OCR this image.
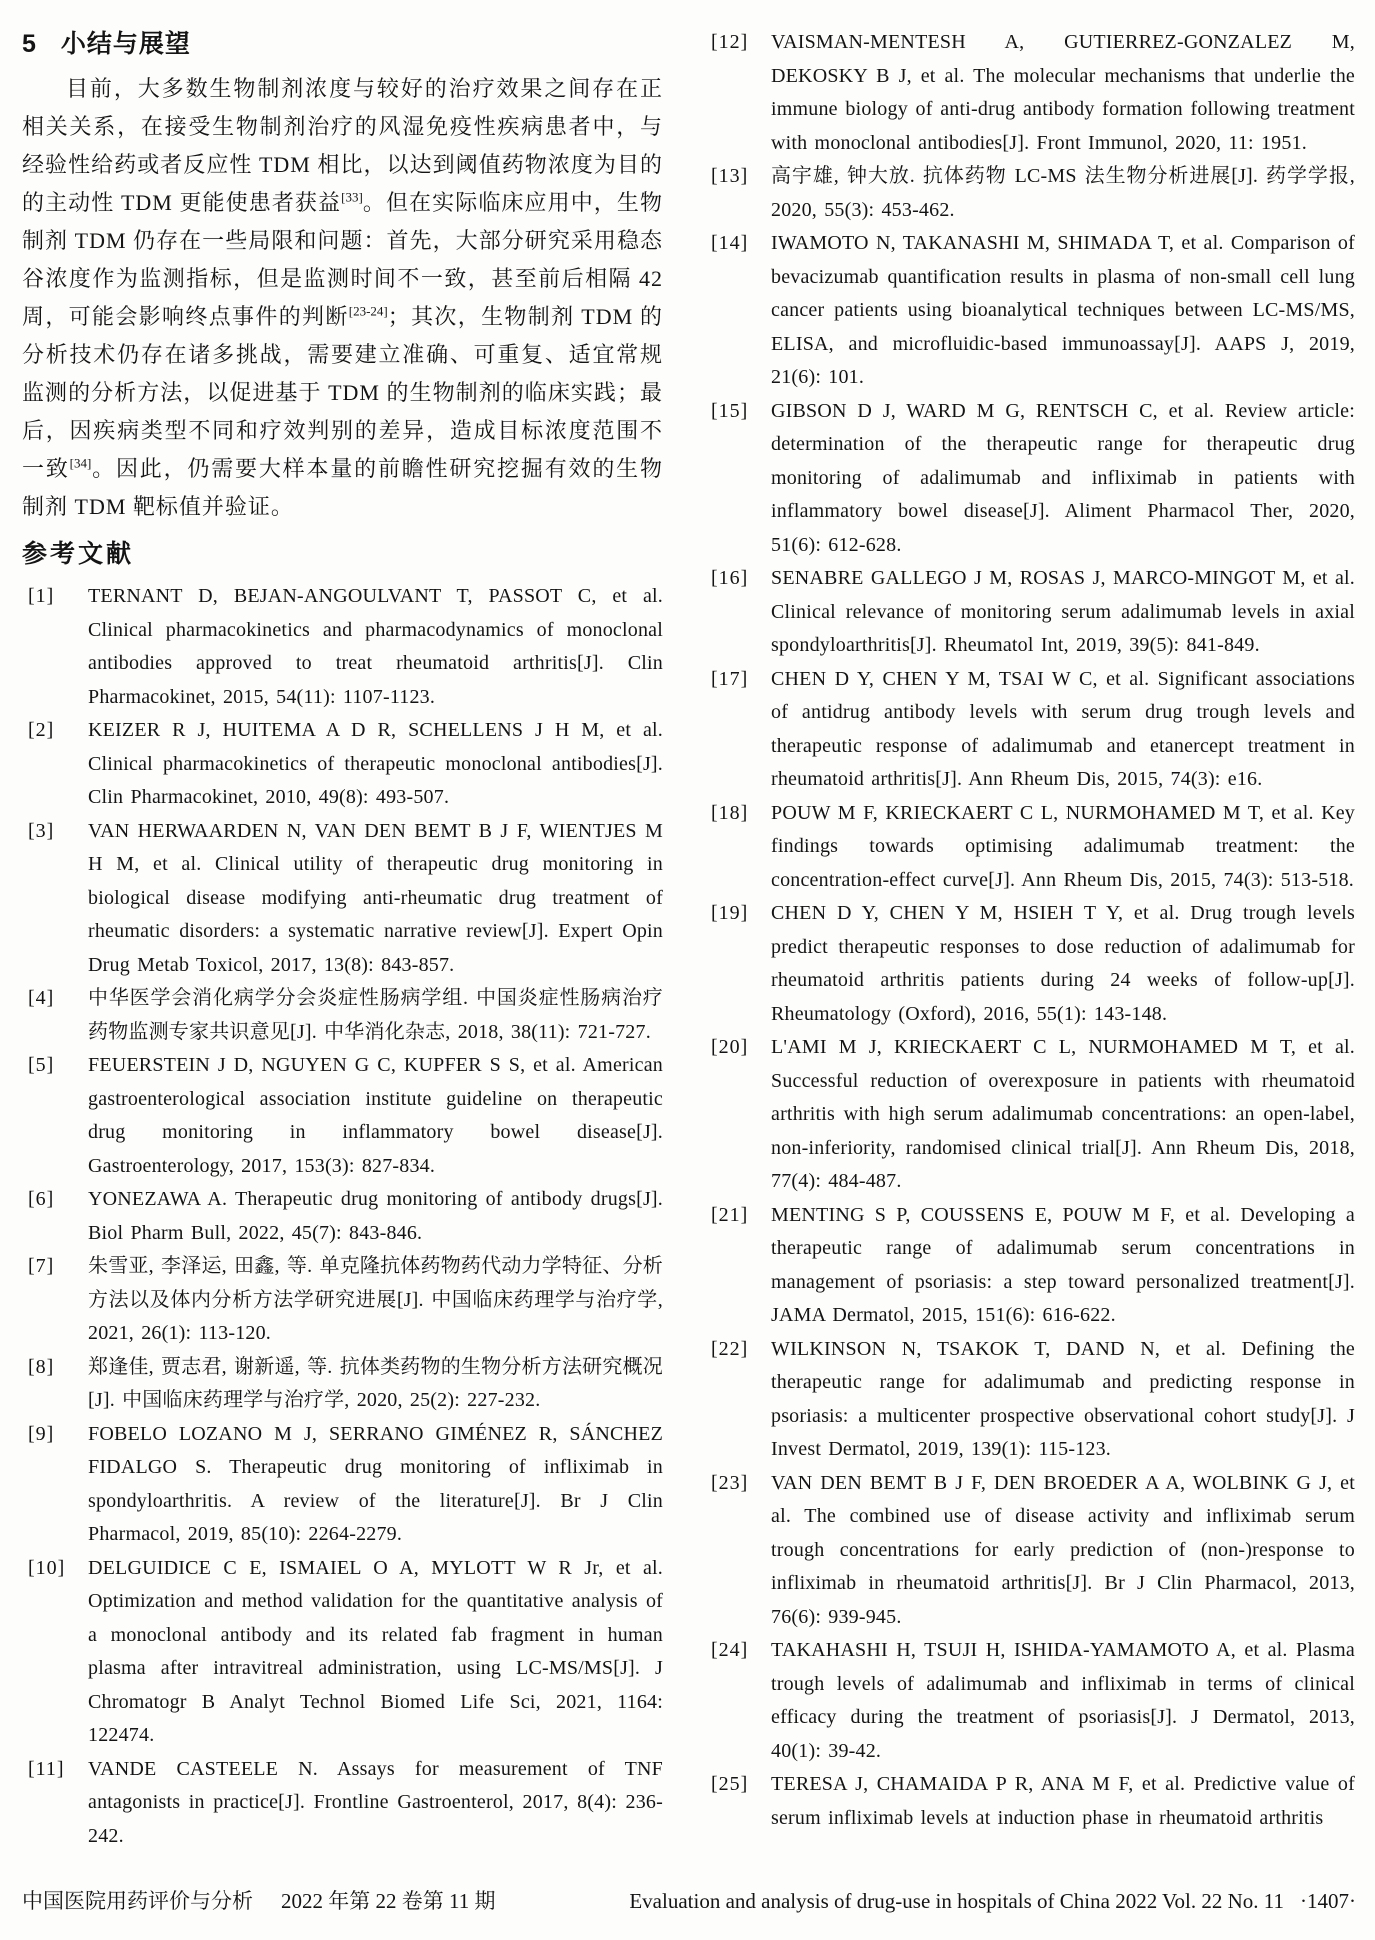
5 小结与展望

目前，大多数生物制剂浓度与较好的治疗效果之间存在正相关关系，在接受生物制剂治疗的风湿免疫性疾病患者中，与经验性给药或者反应性 TDM 相比，以达到阈值药物浓度为目的的主动性 TDM 更能使患者获益[33]。但在实际临床应用中，生物制剂 TDM 仍存在一些局限和问题：首先，大部分研究采用稳态谷浓度作为监测指标，但是监测时间不一致，甚至前后相隔 42 周，可能会影响终点事件的判断[23-24]；其次，生物制剂 TDM 的分析技术仍存在诸多挑战，需要建立准确、可重复、适宜常规监测的分析方法，以促进基于 TDM 的生物制剂的临床实践；最后，因疾病类型不同和疗效判别的差异，造成目标浓度范围不一致[34]。因此，仍需要大样本量的前瞻性研究挖掘有效的生物制剂 TDM 靶标值并验证。

参考文献
[1]	TERNANT D, BEJAN-ANGOULVANT T, PASSOT C, et al. Clinical pharmacokinetics and pharmacodynamics of monoclonal antibodies approved to treat rheumatoid arthritis[J]. Clin Pharmacokinet, 2015, 54(11): 1107-1123.
[2]	KEIZER R J, HUITEMA A D R, SCHELLENS J H M, et al. Clinical pharmacokinetics of therapeutic monoclonal antibodies[J]. Clin Pharmacokinet, 2010, 49(8): 493-507.
[3]	VAN HERWAARDEN N, VAN DEN BEMT B J F, WIENTJES M H M, et al. Clinical utility of therapeutic drug monitoring in biological disease modifying anti-rheumatic drug treatment of rheumatic disorders: a systematic narrative review[J]. Expert Opin Drug Metab Toxicol, 2017, 13(8): 843-857.
[4]	中华医学会消化病学分会炎症性肠病学组. 中国炎症性肠病治疗药物监测专家共识意见[J]. 中华消化杂志, 2018, 38(11): 721-727.
[5]	FEUERSTEIN J D, NGUYEN G C, KUPFER S S, et al. American gastroenterological association institute guideline on therapeutic drug monitoring in inflammatory bowel disease[J]. Gastroenterology, 2017, 153(3): 827-834.
[6]	YONEZAWA A. Therapeutic drug monitoring of antibody drugs[J]. Biol Pharm Bull, 2022, 45(7): 843-846.
[7]	朱雪亚, 李泽运, 田鑫, 等. 单克隆抗体药物药代动力学特征、分析方法以及体内分析方法学研究进展[J]. 中国临床药理学与治疗学, 2021, 26(1): 113-120.
[8]	郑逢佳, 贾志君, 谢新遥, 等. 抗体类药物的生物分析方法研究概况[J]. 中国临床药理学与治疗学, 2020, 25(2): 227-232.
[9]	FOBELO LOZANO M J, SERRANO GIMÉNEZ R, SÁNCHEZ FIDALGO S. Therapeutic drug monitoring of infliximab in spondyloarthritis. A review of the literature[J]. Br J Clin Pharmacol, 2019, 85(10): 2264-2279.
[10]	DELGUIDICE C E, ISMAIEL O A, MYLOTT W R Jr, et al. Optimization and method validation for the quantitative analysis of a monoclonal antibody and its related fab fragment in human plasma after intravitreal administration, using LC-MS/MS[J]. J Chromatogr B Analyt Technol Biomed Life Sci, 2021, 1164: 122474.
[11]	VANDE CASTEELE N. Assays for measurement of TNF antagonists in practice[J]. Frontline Gastroenterol, 2017, 8(4): 236-242.
[12]	VAISMAN-MENTESH A, GUTIERREZ-GONZALEZ M, DEKOSKY B J, et al. The molecular mechanisms that underlie the immune biology of anti-drug antibody formation following treatment with monoclonal antibodies[J]. Front Immunol, 2020, 11: 1951.
[13]	高宇雄, 钟大放. 抗体药物 LC-MS 法生物分析进展[J]. 药学学报, 2020, 55(3): 453-462.
[14]	IWAMOTO N, TAKANASHI M, SHIMADA T, et al. Comparison of bevacizumab quantification results in plasma of non-small cell lung cancer patients using bioanalytical techniques between LC-MS/MS, ELISA, and microfluidic-based immunoassay[J]. AAPS J, 2019, 21(6): 101.
[15]	GIBSON D J, WARD M G, RENTSCH C, et al. Review article: determination of the therapeutic range for therapeutic drug monitoring of adalimumab and infliximab in patients with inflammatory bowel disease[J]. Aliment Pharmacol Ther, 2020, 51(6): 612-628.
[16]	SENABRE GALLEGO J M, ROSAS J, MARCO-MINGOT M, et al. Clinical relevance of monitoring serum adalimumab levels in axial spondyloarthritis[J]. Rheumatol Int, 2019, 39(5): 841-849.
[17]	CHEN D Y, CHEN Y M, TSAI W C, et al. Significant associations of antidrug antibody levels with serum drug trough levels and therapeutic response of adalimumab and etanercept treatment in rheumatoid arthritis[J]. Ann Rheum Dis, 2015, 74(3): e16.
[18]	POUW M F, KRIECKAERT C L, NURMOHAMED M T, et al. Key findings towards optimising adalimumab treatment: the concentration-effect curve[J]. Ann Rheum Dis, 2015, 74(3): 513-518.
[19]	CHEN D Y, CHEN Y M, HSIEH T Y, et al. Drug trough levels predict therapeutic responses to dose reduction of adalimumab for rheumatoid arthritis patients during 24 weeks of follow-up[J]. Rheumatology (Oxford), 2016, 55(1): 143-148.
[20]	L'AMI M J, KRIECKAERT C L, NURMOHAMED M T, et al. Successful reduction of overexposure in patients with rheumatoid arthritis with high serum adalimumab concentrations: an open-label, non-inferiority, randomised clinical trial[J]. Ann Rheum Dis, 2018, 77(4): 484-487.
[21]	MENTING S P, COUSSENS E, POUW M F, et al. Developing a therapeutic range of adalimumab serum concentrations in management of psoriasis: a step toward personalized treatment[J]. JAMA Dermatol, 2015, 151(6): 616-622.
[22]	WILKINSON N, TSAKOK T, DAND N, et al. Defining the therapeutic range for adalimumab and predicting response in psoriasis: a multicenter prospective observational cohort study[J]. J Invest Dermatol, 2019, 139(1): 115-123.
[23]	VAN DEN BEMT B J F, DEN BROEDER A A, WOLBINK G J, et al. The combined use of disease activity and infliximab serum trough concentrations for early prediction of (non-)response to infliximab in rheumatoid arthritis[J]. Br J Clin Pharmacol, 2013, 76(6): 939-945.
[24]	TAKAHASHI H, TSUJI H, ISHIDA-YAMAMOTO A, et al. Plasma trough levels of adalimumab and infliximab in terms of clinical efficacy during the treatment of psoriasis[J]. J Dermatol, 2013, 40(1): 39-42.
[25]	TERESA J, CHAMAIDA P R, ANA M F, et al. Predictive value of serum infliximab levels at induction phase in rheumatoid arthritis
中国医院用药评价与分析 2022 年第 22 卷第 11 期	Evaluation and analysis of drug-use in hospitals of China 2022 Vol. 22 No. 11 ·1407·
